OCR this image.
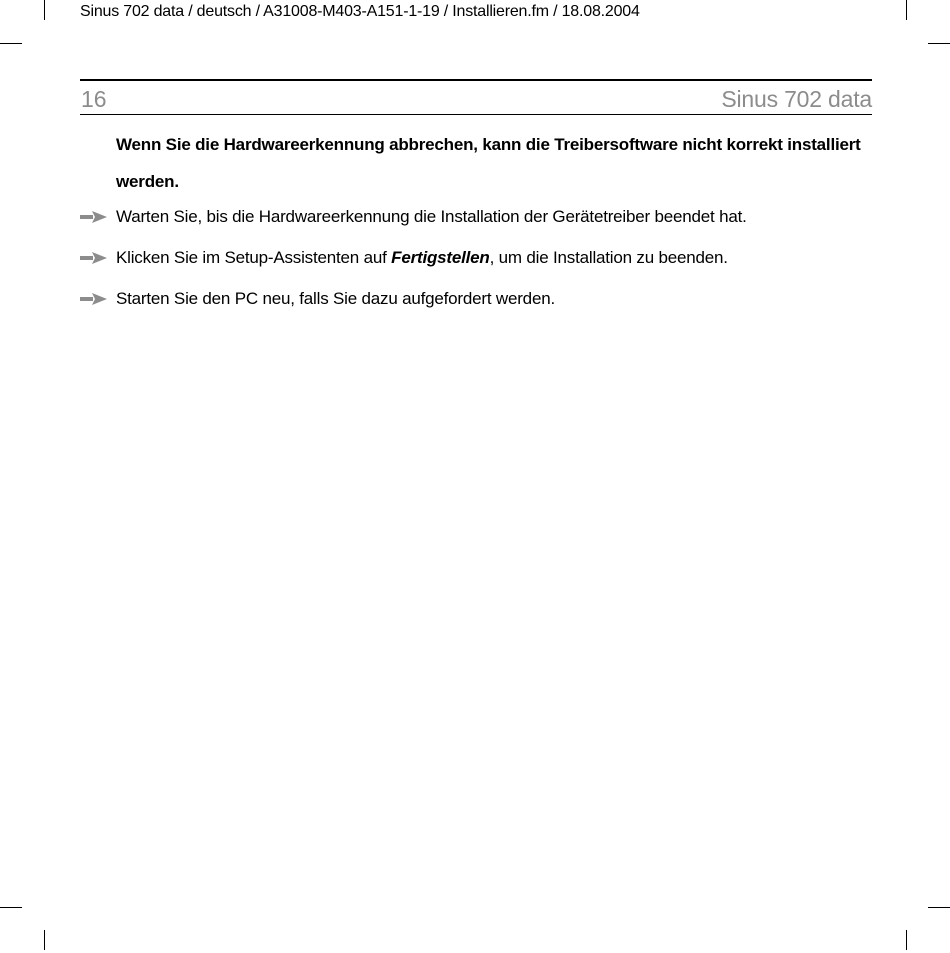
Sinus 702 data / deutsch / A31008-M403-A151-1-19 / Installieren.fm / 18.08.2004
16	Sinus 702 data
Wenn Sie die Hardwareerkennung abbrechen, kann die Treibersoftware nicht korrekt installiert werden.
Warten Sie, bis die Hardwareerkennung die Installation der Gerätetreiber beendet hat.
Klicken Sie im Setup-Assistenten auf Fertigstellen, um die Installation zu beenden.
Starten Sie den PC neu, falls Sie dazu aufgefordert werden.
